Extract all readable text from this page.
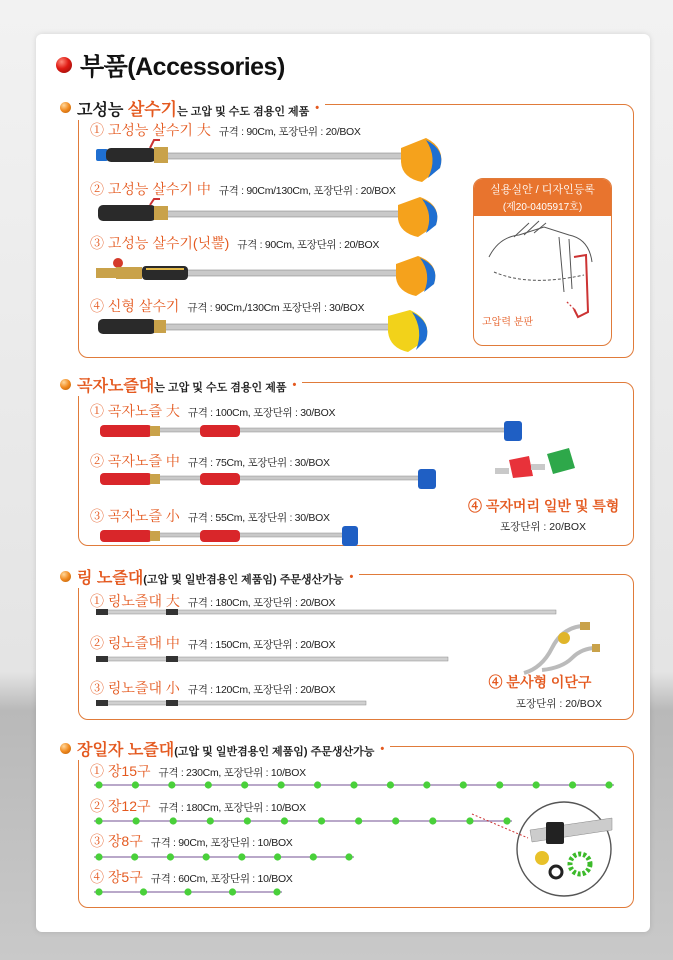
부품(Accessories)
고성능 살수기는 고압 및 수도 겸용인 제품 •
① 고성능 살수기 大 규격 : 90Cm, 포장단위 : 20/BOX
② 고성능 살수기 中 규격 : 90Cm/130Cm, 포장단위 : 20/BOX
③ 고성능 살수기(닛뿔) 규격 : 90Cm, 포장단위 : 20/BOX
④ 신형 살수기 규격 : 90Cm,/130Cm 포장단위 : 30/BOX
실용실안 / 디자인등록
(제20-0405917호)
고압력 분판
곡자노즐대는 고압 및 수도 겸용인 제품 •
① 곡자노즐 大 규격 : 100Cm, 포장단위 : 30/BOX
② 곡자노즐 中 규격 : 75Cm, 포장단위 : 30/BOX
④ 곡자머리 일반 및 특형
포장단위 : 20/BOX
③ 곡자노즐 小 규격 : 55Cm, 포장단위 : 30/BOX
링 노즐대(고압 및 일반겸용인 제품임) 주문생산가능 •
① 링노즐대 大 규격 : 180Cm, 포장단위 : 20/BOX
② 링노즐대 中 규격 : 150Cm, 포장단위 : 20/BOX
④ 분사형 이단구
포장단위 : 20/BOX
③ 링노즐대 小 규격 : 120Cm, 포장단위 : 20/BOX
장일자 노즐대(고압 및 일반겸용인 제품임) 주문생산가능 •
① 장15구 규격 : 230Cm, 포장단위 : 10/BOX
② 장12구 규격 : 180Cm, 포장단위 : 10/BOX
③ 장8구 규격 : 90Cm, 포장단위 : 10/BOX
④ 장5구 규격 : 60Cm, 포장단위 : 10/BOX
